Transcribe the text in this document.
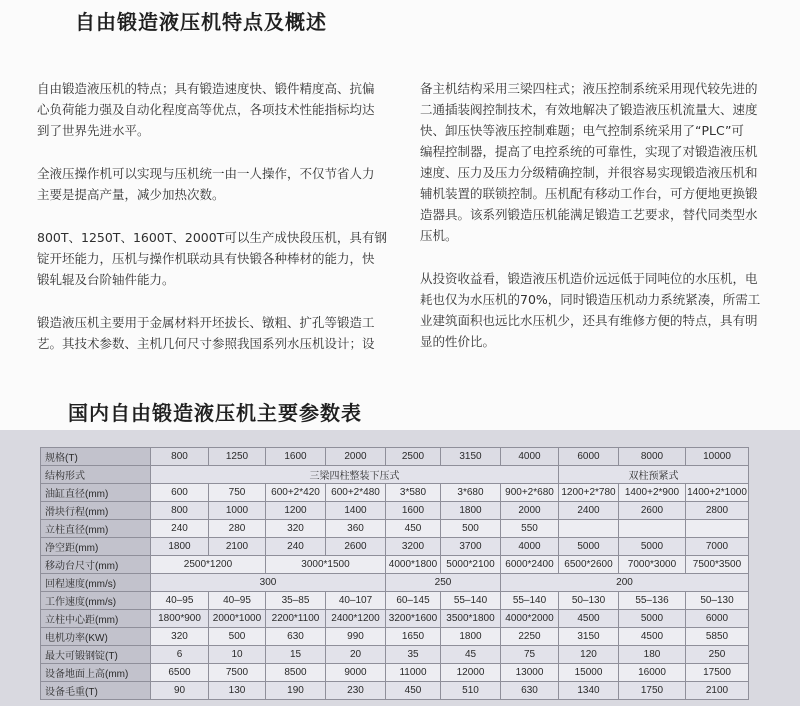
自由锻造液压机特点及概述
自由锻造液压机的特点；具有锻造速度快、锻件精度高、抗偏
心负荷能力强及自动化程度高等优点，各项技术性能指标均达
到了世界先进水平。
全液压操作机可以实现与压机统一由一人操作，不仅节省人力
主要是提高产量，减少加热次数。
800T、1250T、1600T、2000T可以生产成快段压机，具有钢
锭开坯能力，压机与操作机联动具有快锻各种棒材的能力，快
锻轧辊及台阶轴件能力。
锻造液压机主要用于金属材料开坯拔长、镦粗、扩孔等锻造工
艺。其技术参数、主机几何尺寸参照我国系列水压机设计；设
备主机结构采用三梁四柱式；液压控制系统采用现代较先进的
二通插装阀控制技术，有效地解决了锻造液压机流量大、速度
快、卸压快等液压控制难题；电气控制系统采用了“PLC”可
编程控制器，提高了电控系统的可靠性，实现了对锻造液压机
速度、压力及压力分级精确控制，并很容易实现锻造液压机和
辅机装置的联锁控制。压机配有移动工作台，可方便地更换锻
造器具。该系列锻造压机能满足锻造工艺要求，替代同类型水
压机。
从投资收益看，锻造液压机造价远远低于同吨位的水压机，电
耗也仅为水压机的70%，同时锻造压机动力系统紧凑，所需工
业建筑面积也远比水压机少，还具有维修方便的特点，具有明
显的性价比。
国内自由锻造液压机主要参数表
规格(T)	800	1250	1600	2000	2500	3150	4000	6000	8000	10000
结构形式	三梁四柱整装下压式							双柱预紧式		
油缸直径(mm)	600	750	600+2*420	600+2*480	3*580	3*680	900+2*680	1200+2*780	1400+2*900	1400+2*1000
滑块行程(mm)	800	1000	1200	1400	1600	1800	2000	2400	2600	2800
立柱直径(mm)	240	280	320	360	450	500	550			
净空距(mm)	1800	2100	240	2600	3200	3700	4000	5000	5000	7000
移动台尺寸(mm)	2500*1200		3000*1500		4000*1800	5000*2100	6000*2400	6500*2600	7000*3000	7500*3500
回程速度(mm/s)	300				250		200			
工作速度(mm/s)	40–95	40–95	35–85	40–107	60–145	55–140	55–140	50–130	55–136	50–130
立柱中心距(mm)	1800*900	2000*1000	2200*1100	2400*1200	3200*1600	3500*1800	4000*2000	4500	5000	6000
电机功率(KW)	320	500	630	990	1650	1800	2250	3150	4500	5850
最大可锻钢锭(T)	6	10	15	20	35	45	75	120	180	250
设备地面上高(mm)	6500	7500	8500	9000	11000	12000	13000	15000	16000	17500
设备毛重(T)	90	130	190	230	450	510	630	1340	1750	2100
